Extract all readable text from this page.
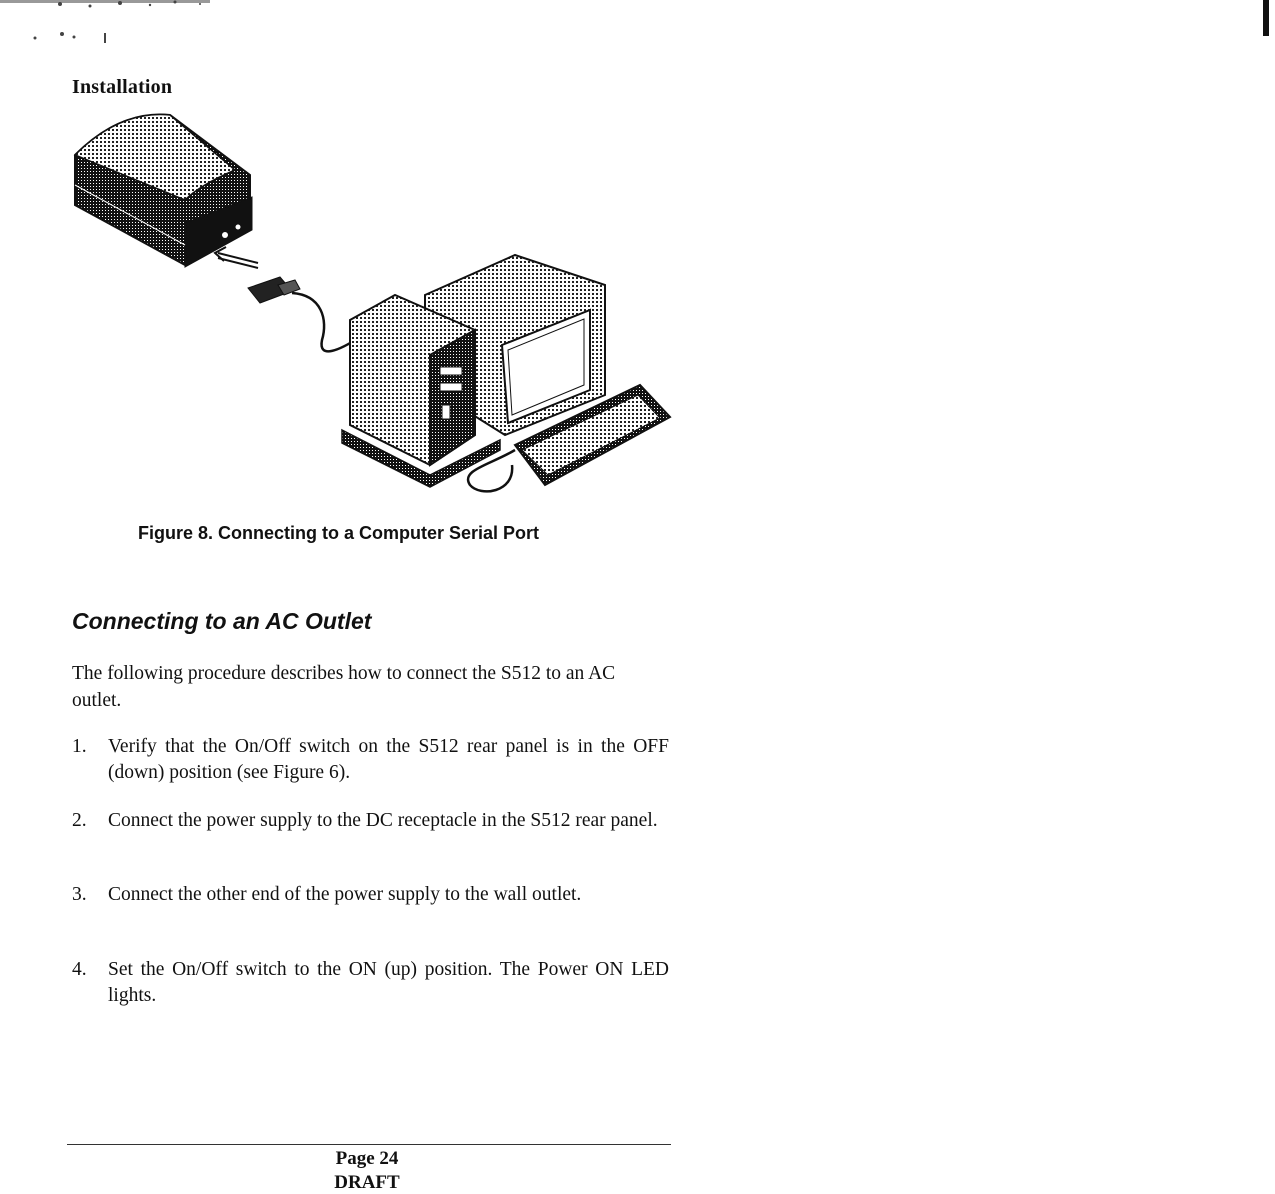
Installation
Figure 8. Connecting to a Computer Serial Port
Connecting to an AC Outlet
The following procedure describes how to connect the S512 to an AC outlet.
1. Verify that the On/Off switch on the S512 rear panel is in the OFF (down) position (see Figure 6).
2. Connect the power supply to the DC receptacle in the S512 rear panel.
3. Connect the other end of the power supply to the wall outlet.
4. Set the On/Off switch to the ON (up) position. The Power ON LED lights.
Page 24
DRAFT
